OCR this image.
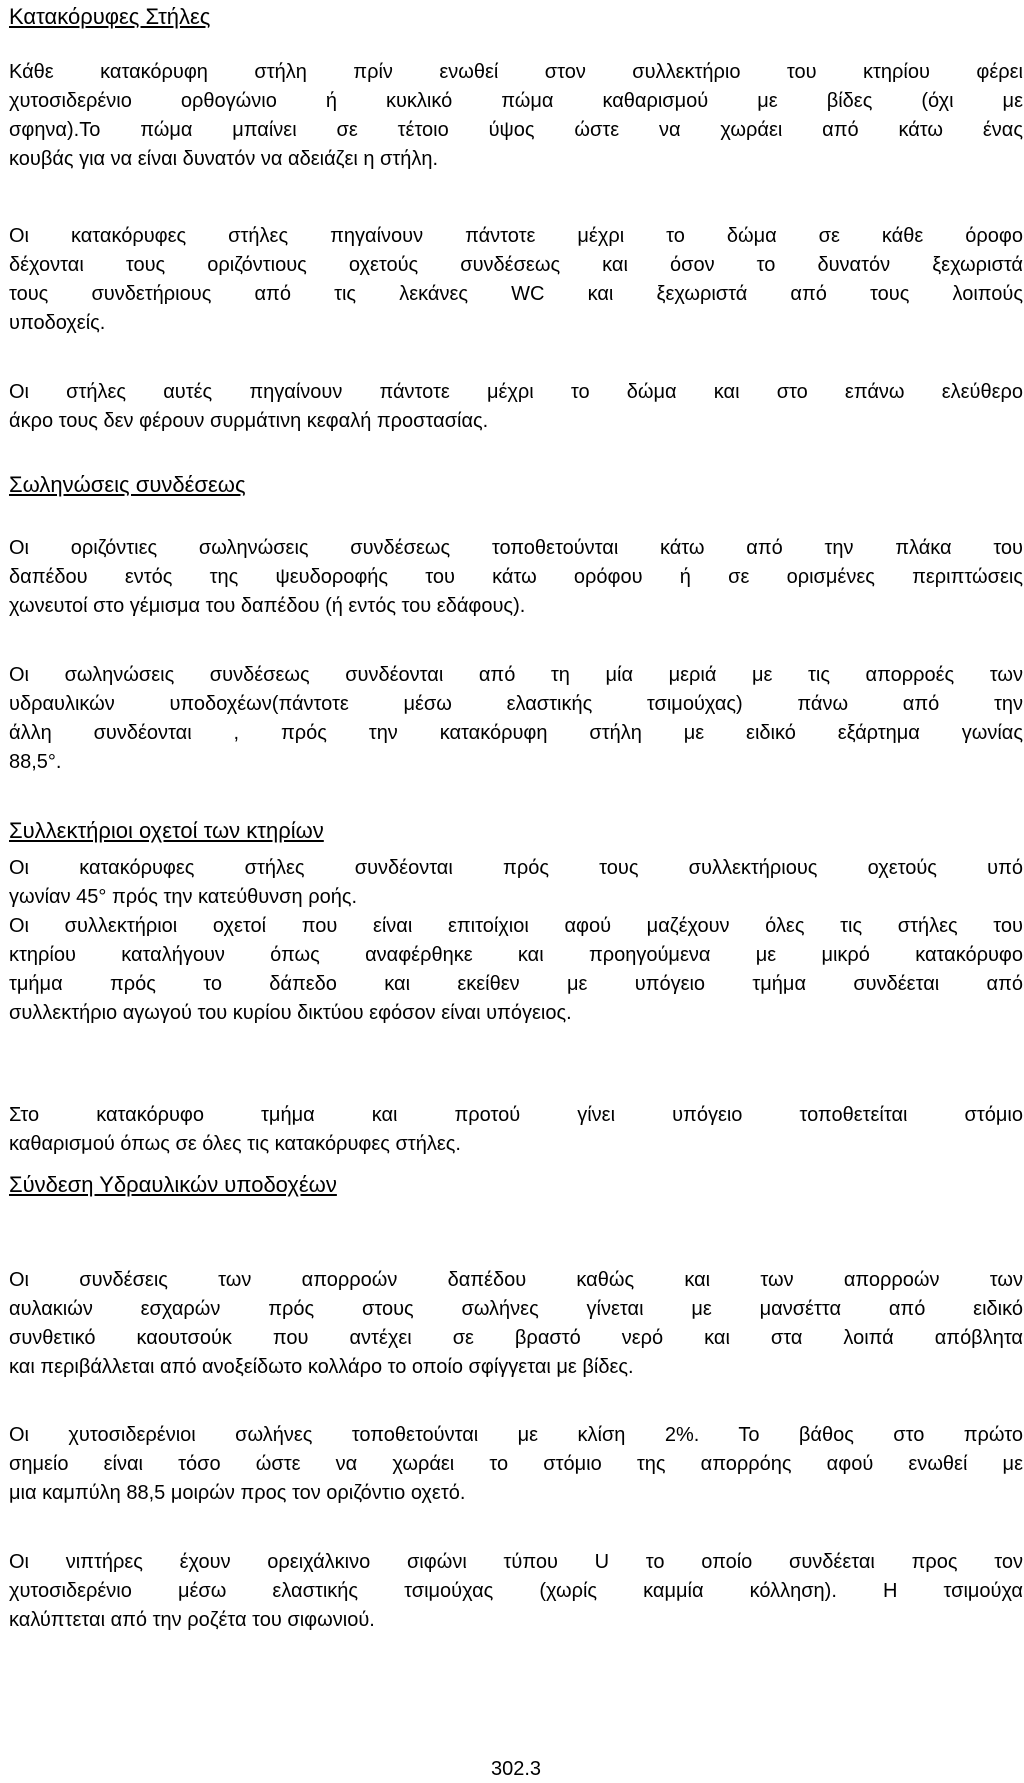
Κατακόρυφες Στήλες
Κάθε κατακόρυφη στήλη πρίν ενωθεί στον συλλεκτήριο του κτηρίου φέρει
χυτοσιδερένιο ορθογώνιο ή κυκλικό πώμα καθαρισμού με βίδες (όχι με
σφηνα).Το πώμα μπαίνει σε τέτοιο ύψος ώστε να χωράει από κάτω ένας
κουβάς για να είναι δυνατόν να αδειάζει η στήλη.
Οι κατακόρυφες στήλες πηγαίνουν πάντοτε μέχρι το δώμα σε κάθε όροφο
δέχονται τους οριζόντιους οχετούς συνδέσεως και όσον το δυνατόν ξεχωριστά
τους συνδετήριους από τις λεκάνες WC και ξεχωριστά από τους λοιπούς
υποδοχείς.
Οι στήλες αυτές πηγαίνουν πάντοτε μέχρι το δώμα και στο επάνω ελεύθερο
άκρο τους δεν φέρουν συρμάτινη κεφαλή προστασίας.
Σωληνώσεις συνδέσεως
Οι οριζόντιες σωληνώσεις συνδέσεως τοποθετούνται κάτω από την πλάκα του
δαπέδου εντός της ψευδοροφής του κάτω ορόφου ή σε ορισμένες περιπτώσεις
χωνευτοί στο γέμισμα του δαπέδου (ή εντός του εδάφους).
Οι σωληνώσεις συνδέσεως συνδέονται από τη μία μεριά με τις απορροές των
υδραυλικών υποδοχέων(πάντοτε μέσω ελαστικής τσιμούχας) πάνω από την
άλλη συνδέονται , πρός την κατακόρυφη στήλη με ειδικό εξάρτημα γωνίας
88,5°.
Συλλεκτήριοι οχετοί των κτηρίων
Οι κατακόρυφες στήλες συνδέονται πρός τους συλλεκτήριους οχετούς υπό
γωνίαν 45° πρός την κατεύθυνση ροής.
Οι συλλεκτήριοι οχετοί που είναι επιτοίχιοι αφού μαζέχουν όλες τις στήλες του
κτηρίου καταλήγουν όπως αναφέρθηκε και προηγούμενα με μικρό κατακόρυφο
τμήμα πρός το δάπεδο και εκείθεν με υπόγειο τμήμα συνδέεται από
συλλεκτήριο αγωγού του κυρίου δικτύου εφόσον είναι υπόγειος.
Στο κατακόρυφο τμήμα και προτού γίνει υπόγειο τοποθετείται στόμιο
καθαρισμού όπως σε όλες τις κατακόρυφες στήλες.
Σύνδεση Υδραυλικών υποδοχέων
Οι συνδέσεις των απορροών δαπέδου καθώς και των απορροών των
αυλακιών εσχαρών πρός στους σωλήνες γίνεται με μανσέττα από ειδικό
συνθετικό καουτσούκ που αντέχει σε βραστό νερό και στα λοιπά απόβλητα
και περιβάλλεται από ανοξείδωτο κολλάρο το οποίο σφίγγεται με βίδες.
Οι χυτοσιδερένιοι σωλήνες τοποθετούνται με κλίση 2%. Το βάθος στο πρώτο
σημείο είναι τόσο ώστε να χωράει το στόμιο της απορρόης αφού ενωθεί με
μια καμπύλη 88,5 μοιρών προς τον οριζόντιο οχετό.
Οι νιπτήρες έχουν ορειχάλκινο σιφώνι τύπου U το οποίο συνδέεται προς τον
χυτοσιδερένιο μέσω ελαστικής τσιμούχας (χωρίς καμμία κόλληση). Η τσιμούχα
καλύπτεται από την ροζέτα του σιφωνιού.
302.3
